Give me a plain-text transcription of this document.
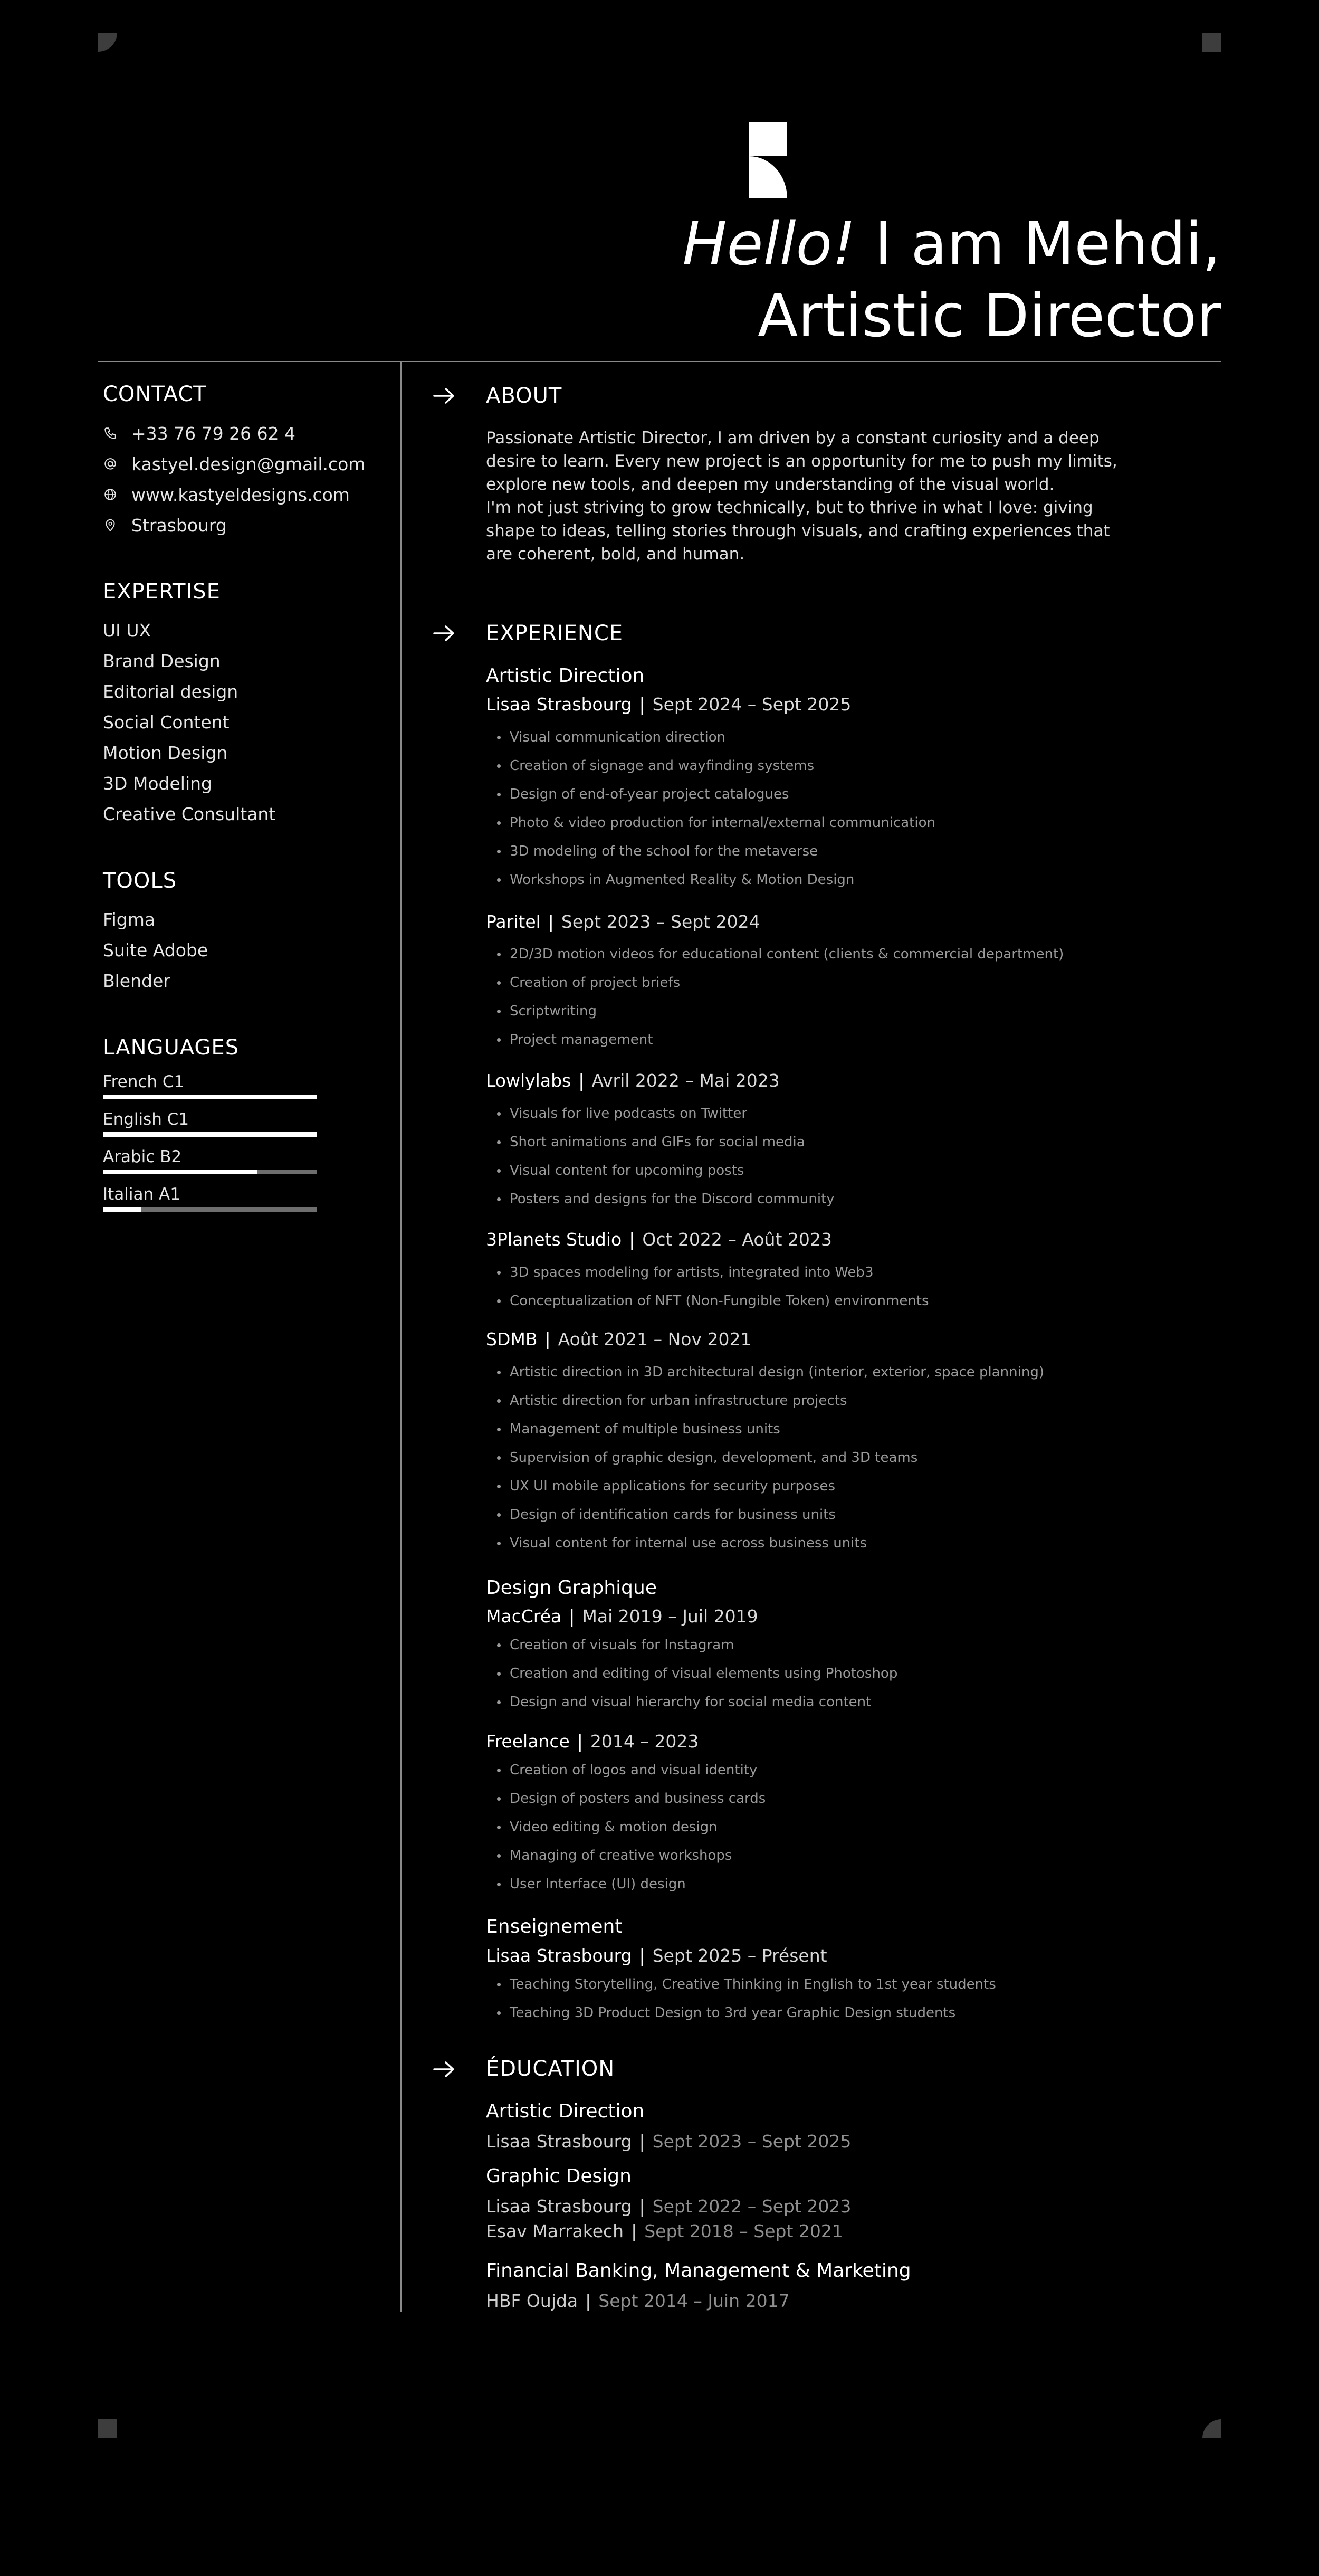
Hello! I am Mehdi,
Artistic Director
CONTACT
+33 76 79 26 62 4
kastyel.design@gmail.com
www.kastyeldesigns.com
Strasbourg
EXPERTISE
UI UX
Brand Design
Editorial design
Social Content
Motion Design
3D Modeling
Creative Consultant
TOOLS
Figma
Suite Adobe
Blender
LANGUAGES
French C1
English C1
Arabic B2
Italian A1
ABOUT
Passionate Artistic Director, I am driven by a constant curiosity and a deep desire to learn. Every new project is an opportunity for me to push my limits, explore new tools, and deepen my understanding of the visual world.
I'm not just striving to grow technically, but to thrive in what I love: giving shape to ideas, telling stories through visuals, and crafting experiences that are coherent, bold, and human.
EXPERIENCE
Artistic Direction
Lisaa Strasbourg | Sept 2024 – Sept 2025
Visual communication direction
Creation of signage and wayfinding systems
Design of end-of-year project catalogues
Photo & video production for internal/external communication
3D modeling of the school for the metaverse
Workshops in Augmented Reality & Motion Design
Paritel | Sept 2023 – Sept 2024
2D/3D motion videos for educational content (clients & commercial department)
Creation of project briefs
Scriptwriting
Project management
Lowlylabs | Avril 2022 – Mai 2023
Visuals for live podcasts on Twitter
Short animations and GIFs for social media
Visual content for upcoming posts
Posters and designs for the Discord community
3Planets Studio | Oct 2022 – Août 2023
3D spaces modeling for artists, integrated into Web3
Conceptualization of NFT (Non-Fungible Token) environments
SDMB | Août 2021 – Nov 2021
Artistic direction in 3D architectural design (interior, exterior, space planning)
Artistic direction for urban infrastructure projects
Management of multiple business units
Supervision of graphic design, development, and 3D teams
UX UI mobile applications for security purposes
Design of identification cards for business units
Visual content for internal use across business units
Design Graphique
MacCréa | Mai 2019 – Juil 2019
Creation of visuals for Instagram
Creation and editing of visual elements using Photoshop
Design and visual hierarchy for social media content
Freelance | 2014 – 2023
Creation of logos and visual identity
Design of posters and business cards
Video editing & motion design
Managing of creative workshops
User Interface (UI) design
Enseignement
Lisaa Strasbourg | Sept 2025 – Présent
Teaching Storytelling, Creative Thinking in English to 1st year students
Teaching 3D Product Design to 3rd year Graphic Design students
ÉDUCATION
Artistic Direction
Lisaa Strasbourg | Sept 2023 – Sept 2025
Graphic Design
Lisaa Strasbourg | Sept 2022 – Sept 2023
Esav Marrakech | Sept 2018 – Sept 2021
Financial Banking, Management & Marketing
HBF Oujda | Sept 2014 – Juin 2017
